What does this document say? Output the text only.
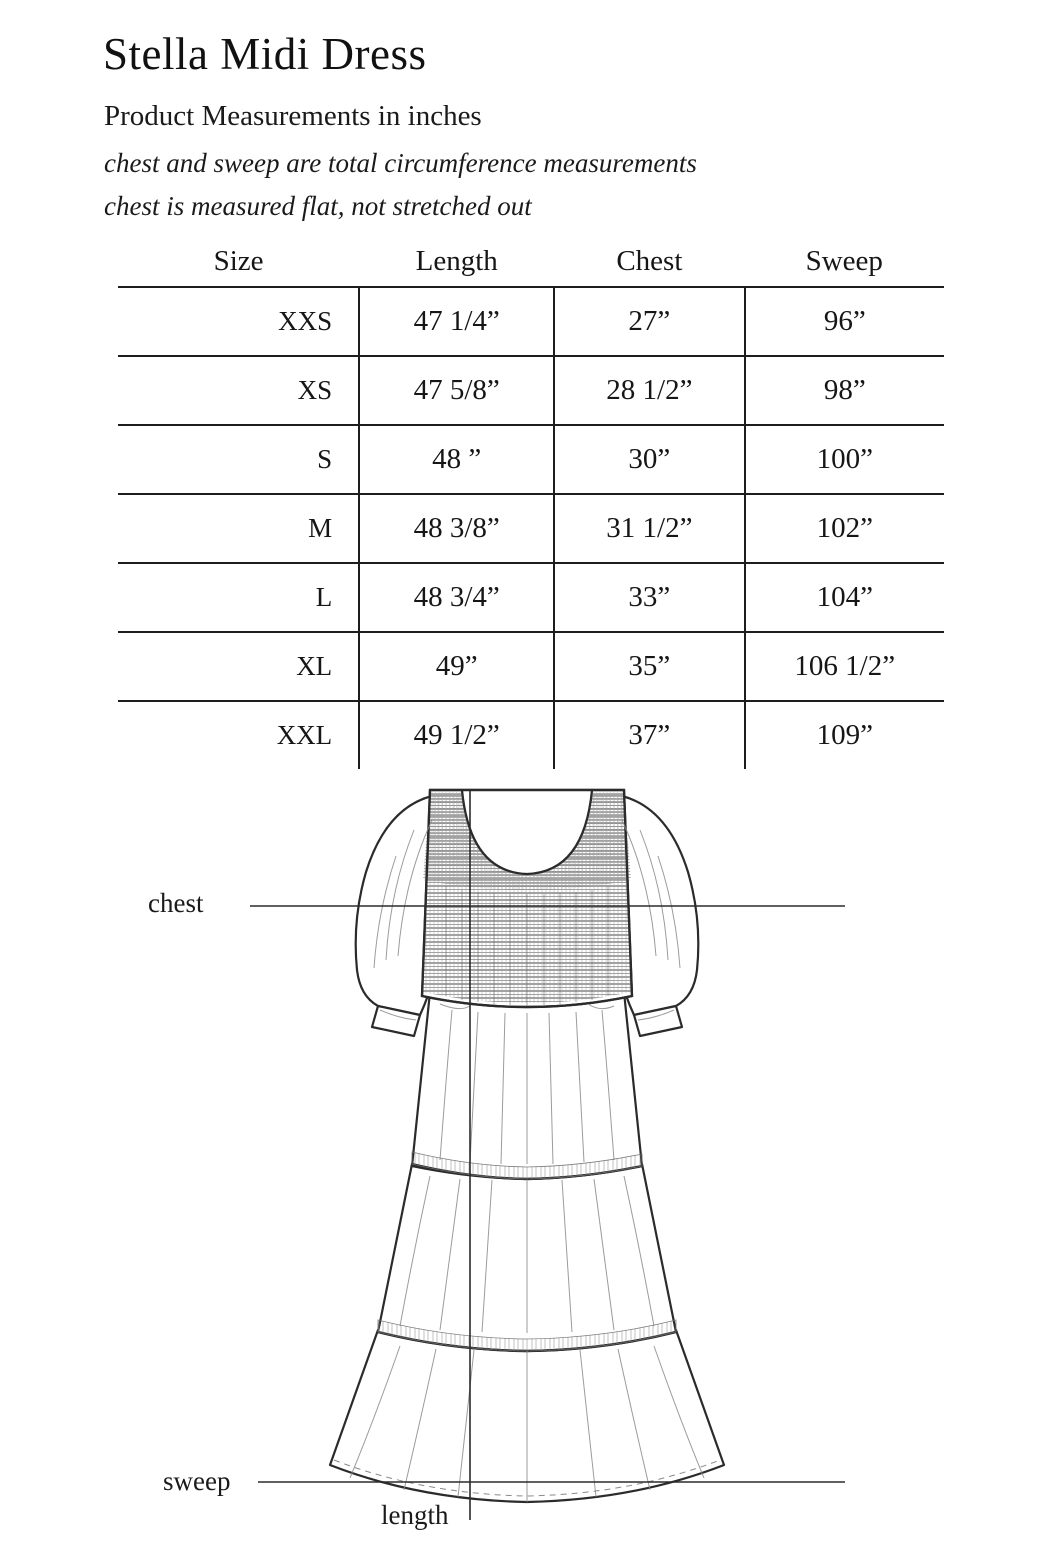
Stella Midi Dress
Product Measurements in inches
chest and sweep are total circumference measurements
chest is measured flat, not stretched out
Size	Length	Chest	Sweep
XXS	47 1/4”	27”	96”
XS	47 5/8”	28 1/2”	98”
S	48 ”	30”	100”
M	48 3/8”	31 1/2”	102”
L	48 3/4”	33”	104”
XL	49”	35”	106 1/2”
XXL	49 1/2”	37”	109”
chest
sweep
length
